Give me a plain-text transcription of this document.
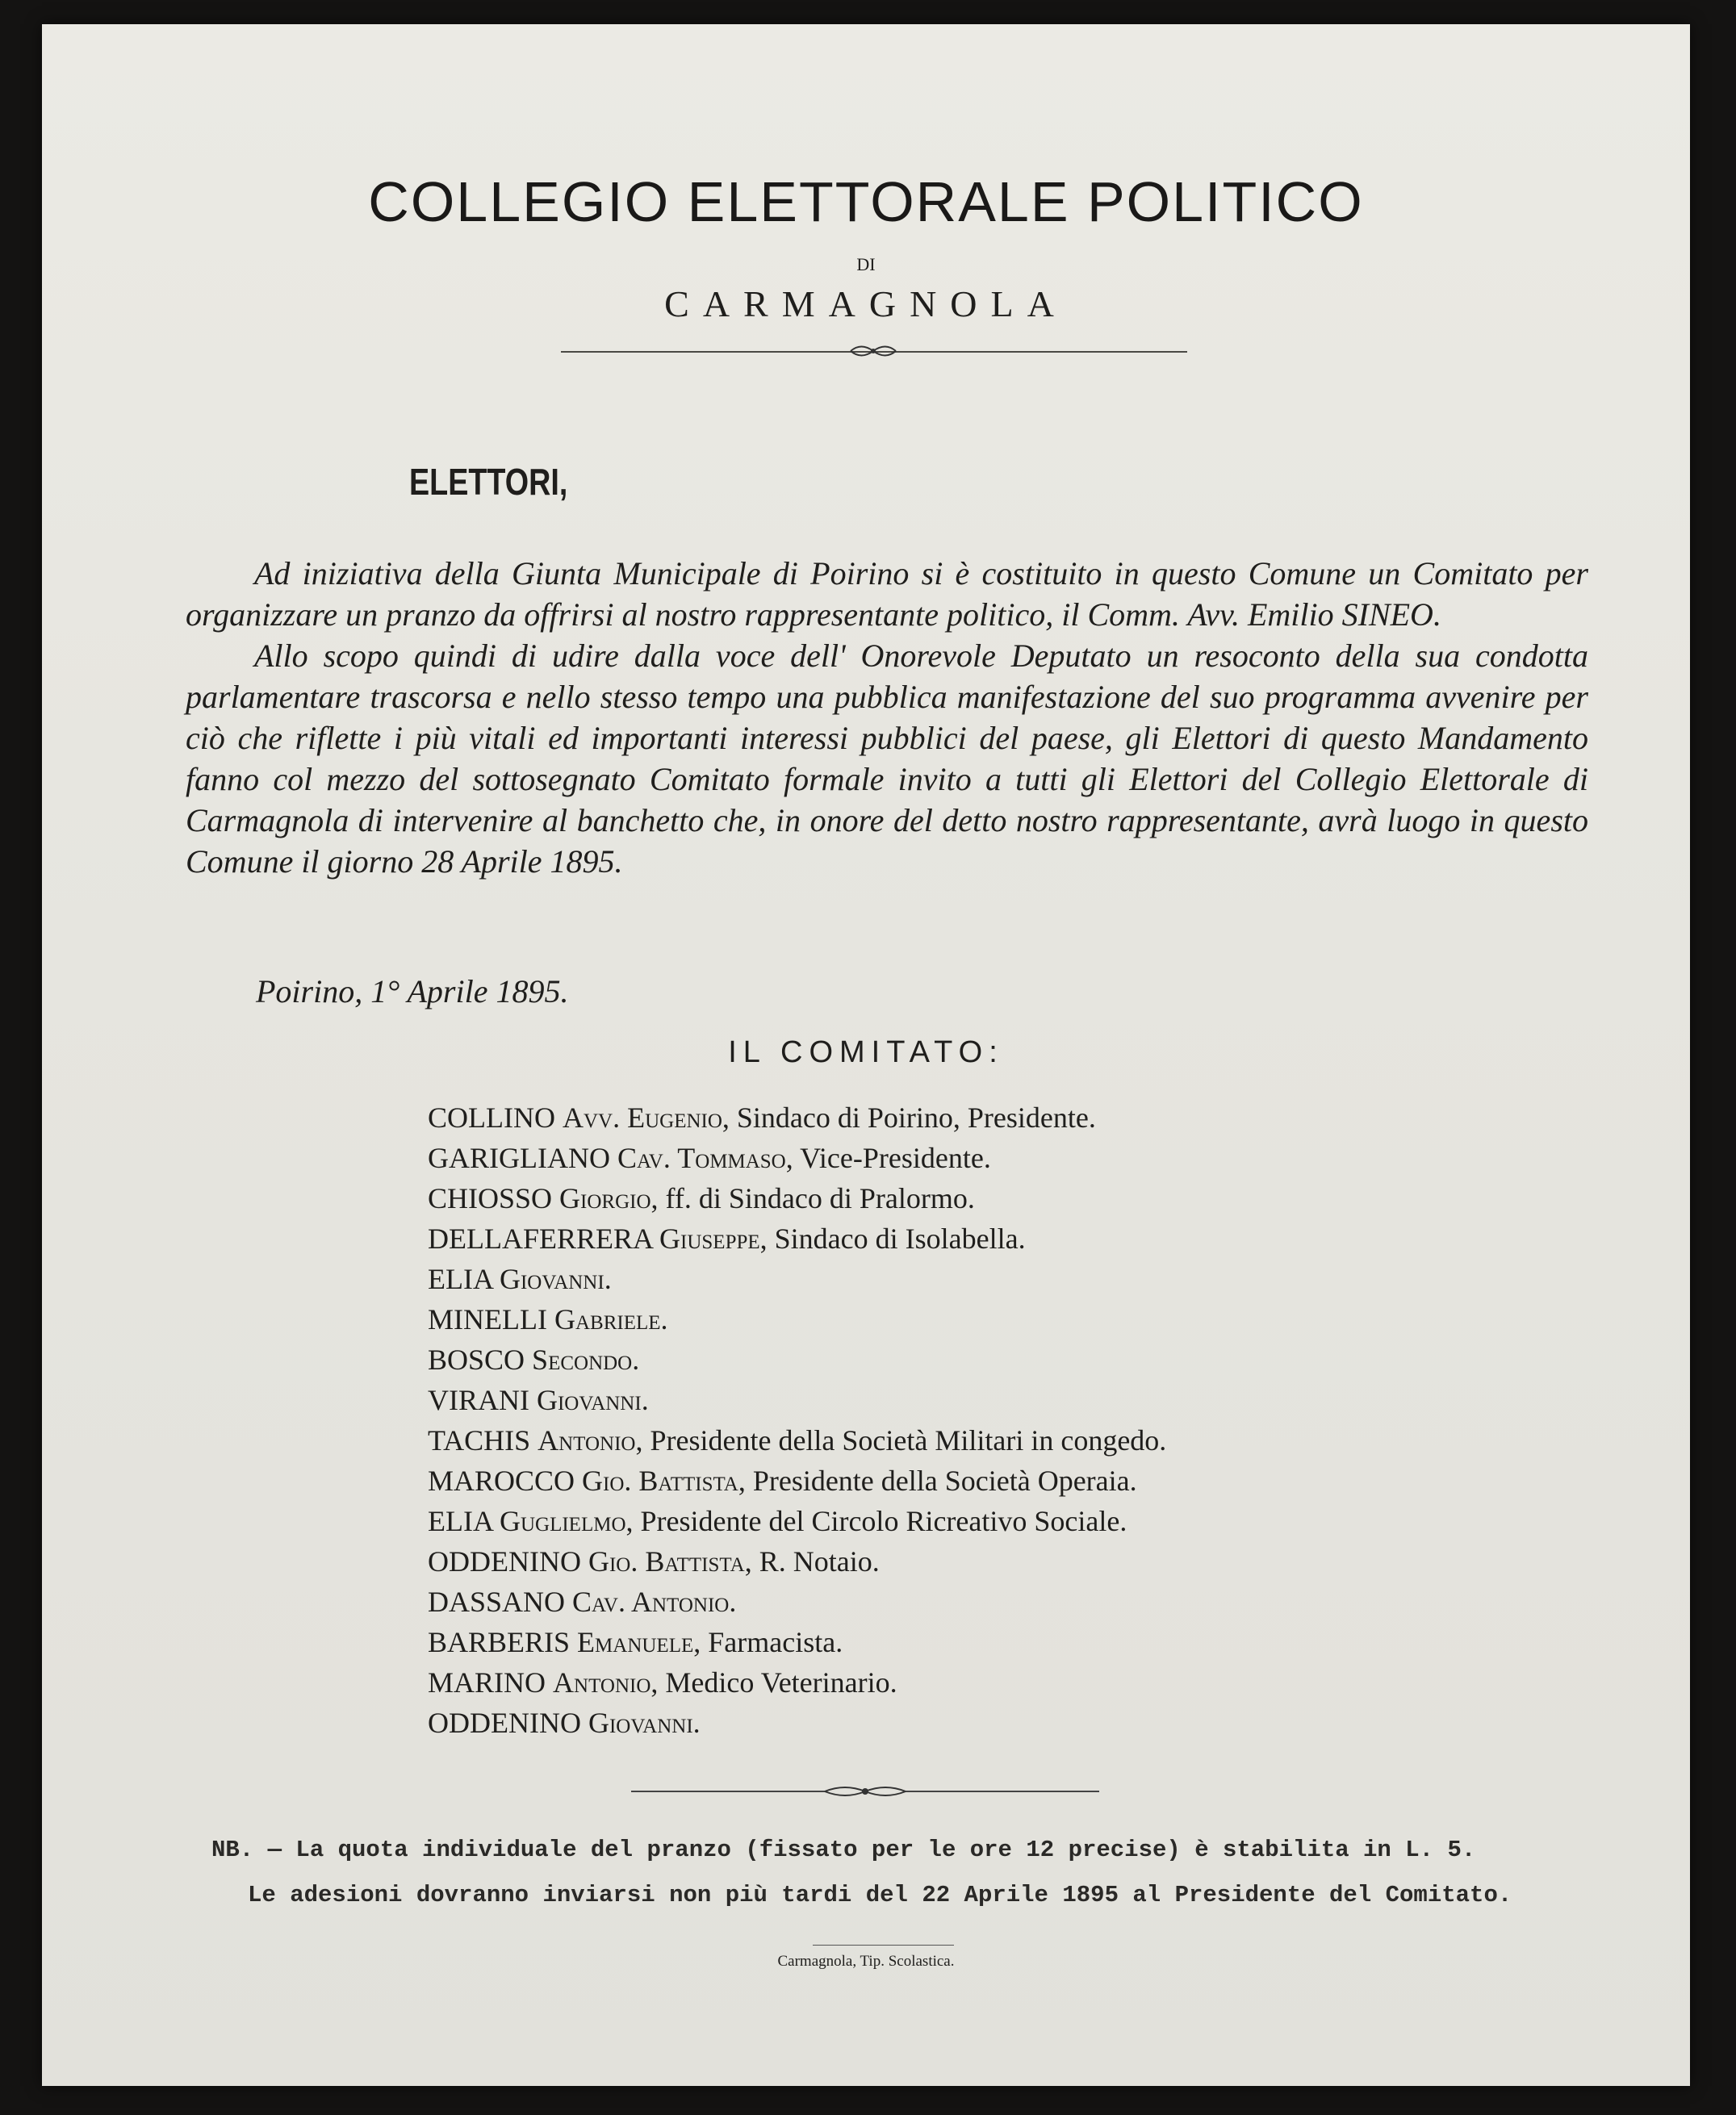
COLLEGIO ELETTORALE POLITICO
DI
CARMAGNOLA
ELETTORI,

Ad iniziativa della Giunta Municipale di Poirino si è costituito in questo Comune un Comitato per organizzare un pranzo da offrirsi al nostro rappresentante politico, il Comm. Avv. Emilio SINEO.

Allo scopo quindi di udire dalla voce dell' Onorevole Deputato un resoconto della sua condotta parlamentare trascorsa e nello stesso tempo una pubblica manifestazione del suo programma avvenire per ciò che riflette i più vitali ed importanti interessi pubblici del paese, gli Elettori di questo Mandamento fanno col mezzo del sottosegnato Comitato formale invito a tutti gli Elettori del Collegio Elettorale di Carmagnola di intervenire al banchetto che, in onore del detto nostro rappresentante, avrà luogo in questo Comune il giorno 28 Aprile 1895.

Poirino, 1° Aprile 1895.
IL COMITATO:
COLLINO Avv. Eugenio, Sindaco di Poirino, Presidente.
GARIGLIANO Cav. Tommaso, Vice-Presidente.
CHIOSSO Giorgio, ff. di Sindaco di Pralormo.
DELLAFERRERA Giuseppe, Sindaco di Isolabella.
ELIA Giovanni.
MINELLI Gabriele.
BOSCO Secondo.
VIRANI Giovanni.
TACHIS Antonio, Presidente della Società Militari in congedo.
MAROCCO Gio. Battista, Presidente della Società Operaia.
ELIA Guglielmo, Presidente del Circolo Ricreativo Sociale.
ODDENINO Gio. Battista, R. Notaio.
DASSANO Cav. Antonio.
BARBERIS Emanuele, Farmacista.
MARINO Antonio, Medico Veterinario.
ODDENINO Giovanni.
NB. — La quota individuale del pranzo (fissato per le ore 12 precise) è stabilita in L. 5.
Le adesioni dovranno inviarsi non più tardi del 22 Aprile 1895 al Presidente del Comitato.
Carmagnola, Tip. Scolastica.
